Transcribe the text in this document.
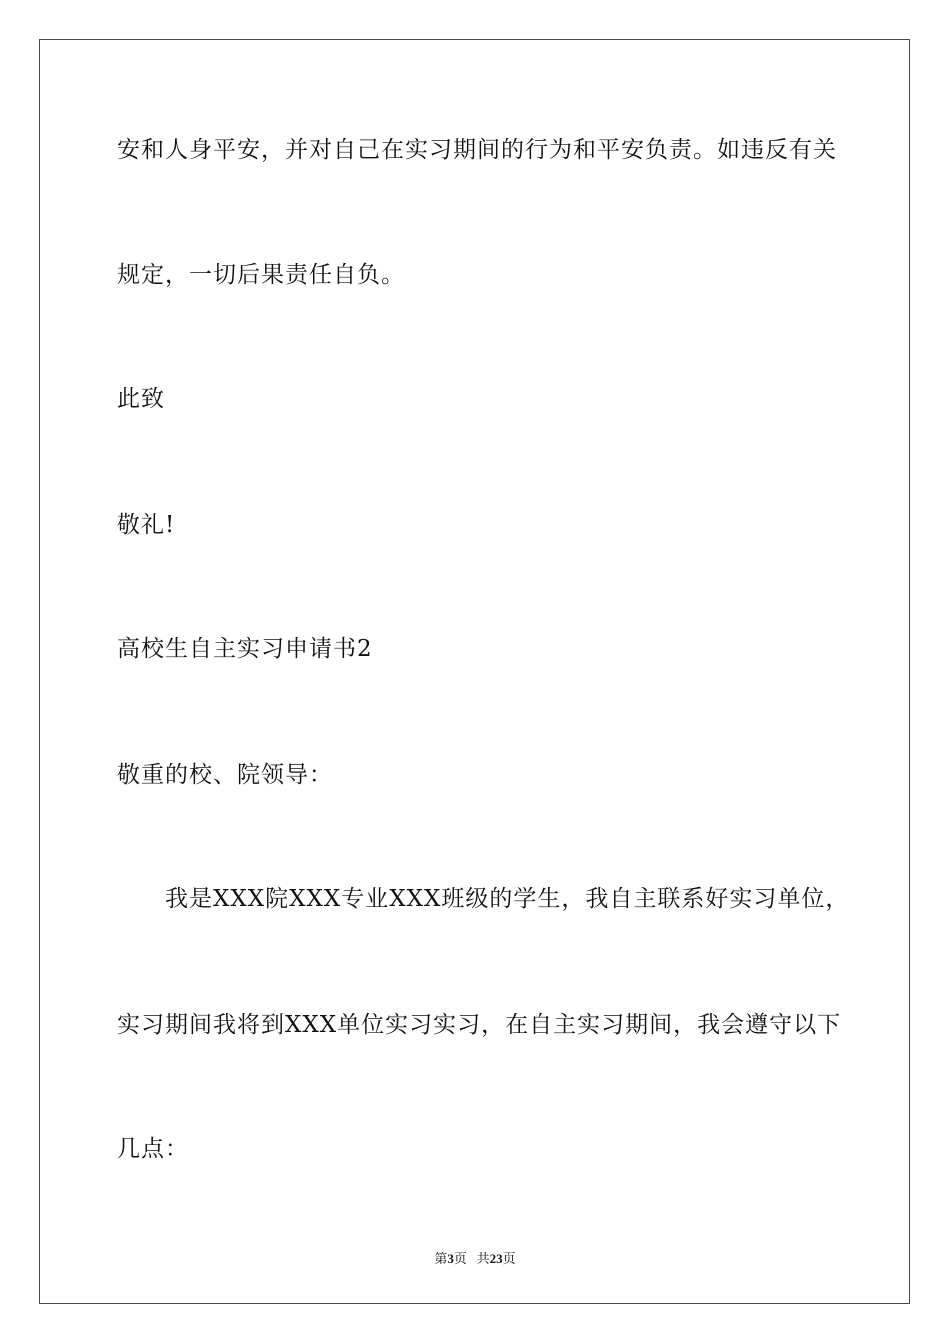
安和人身平安，并对自己在实习期间的行为和平安负责。如违反有关
规定，一切后果责任自负。
此致
敬礼!
高校生自主实习申请书2
敬重的校、院领导：
我是XXX院XXX专业XXX班级的学生，我自主联系好实习单位，
实习期间我将到XXX单位实习实习，在自主实习期间，我会遵守以下
几点：
第3页 共23页
